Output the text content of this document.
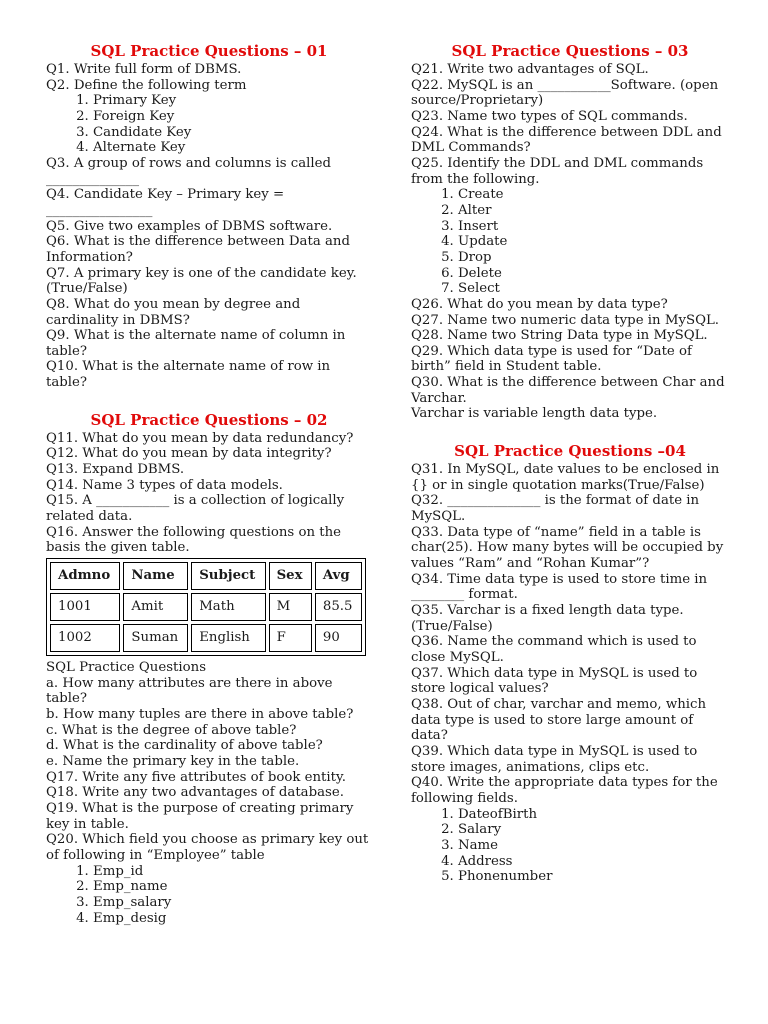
SQL Practice Questions – 01

Q1. Write full form of DBMS.

Q2. Define the following term

1. Primary Key
2. Foreign Key
3. Candidate Key
4. Alternate Key

Q3. A group of rows and columns is called ______________

Q4. Candidate Key – Primary key = ________________

Q5. Give two examples of DBMS software.

Q6. What is the difference between Data and Information?

Q7. A primary key is one of the candidate key. (True/False)

Q8. What do you mean by degree and cardinality in DBMS?

Q9. What is the alternate name of column in table?

Q10. What is the alternate name of row in table?

SQL Practice Questions – 02

Q11. What do you mean by data redundancy?

Q12. What do you mean by data integrity?

Q13. Expand DBMS.

Q14. Name 3 types of data models.

Q15. A ___________ is a collection of logically related data.

Q16. Answer the following questions on the basis the given table.

Admno	Name	Subject	Sex	Avg
1001	Amit	Math	M	85.5
1002	Suman	English	F	90

SQL Practice Questions

a. How many attributes are there in above table?

b. How many tuples are there in above table?

c. What is the degree of above table?

d. What is the cardinality of above table?

e. Name the primary key in the table.

Q17. Write any five attributes of book entity.

Q18. Write any two advantages of database.

Q19. What is the purpose of creating primary key in table.

Q20. Which field you choose as primary key out of following in “Employee” table

1. Emp_id
2. Emp_name
3. Emp_salary
4. Emp_desig

SQL Practice Questions – 03

Q21. Write two advantages of SQL.

Q22. MySQL is an ___________Software. (open source/Proprietary)

Q23. Name two types of SQL commands.

Q24. What is the difference between DDL and DML Commands?

Q25. Identify the DDL and DML commands from the following.

1. Create
2. Alter
3. Insert
4. Update
5. Drop
6. Delete
7. Select

Q26. What do you mean by data type?

Q27. Name two numeric data type in MySQL.

Q28. Name two String Data type in MySQL.

Q29. Which data type is used for “Date of birth” field in Student table.

Q30. What is the difference between Char and Varchar.

Varchar is variable length data type.

SQL Practice Questions –04

Q31. In MySQL, date values to be enclosed in {} or in single quotation marks(True/False)

Q32. ______________ is the format of date in MySQL.

Q33. Data type of “name” field in a table is char(25). How many bytes will be occupied by values “Ram” and “Rohan Kumar”?

Q34. Time data type is used to store time in ________ format.

Q35. Varchar is a fixed length data type.(True/False)

Q36. Name the command which is used to close MySQL.

Q37. Which data type in MySQL is used to store logical values?

Q38. Out of char, varchar and memo, which data type is used to store large amount of data?

Q39. Which data type in MySQL is used to store images, animations, clips etc.

Q40. Write the appropriate data types for the following fields.

1. DateofBirth
2. Salary
3. Name
4. Address
5. Phonenumber
